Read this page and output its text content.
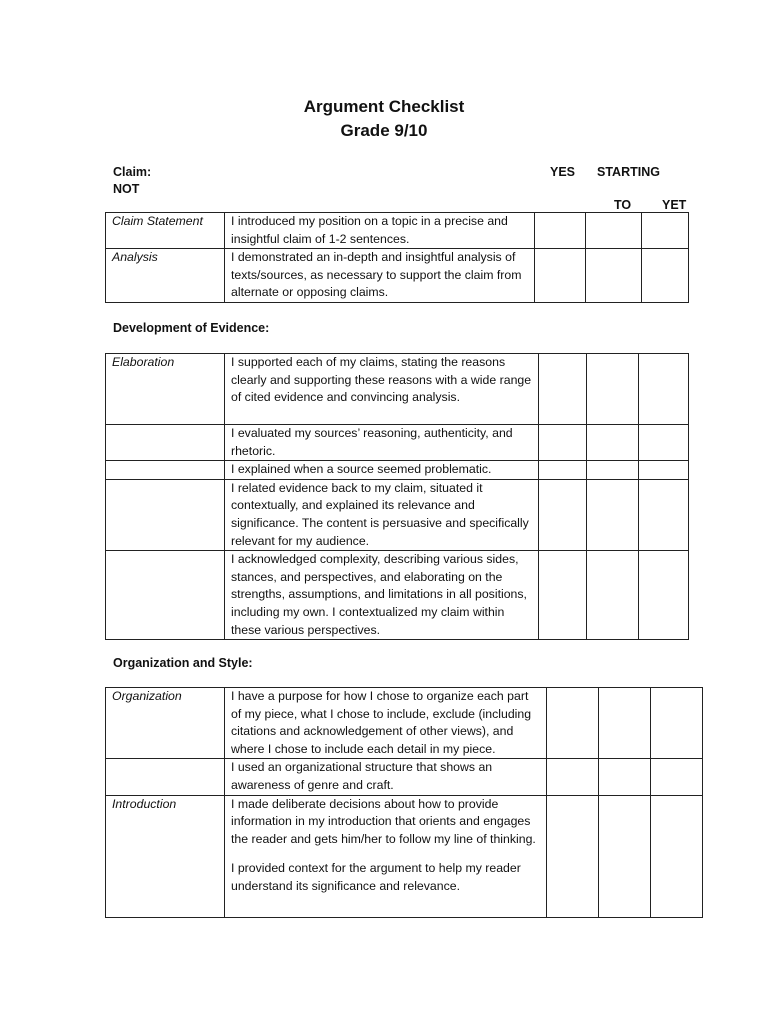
Argument Checklist
Grade 9/10
Claim:
NOT
YES STARTING
TO YET
Claim Statement	I introduced my position on a topic in a precise and insightful claim of 1-2 sentences.			
Analysis	I demonstrated an in-depth and insightful analysis of texts/sources, as necessary to support the claim from alternate or opposing claims.			
Development of Evidence:
Elaboration	I supported each of my claims, stating the reasons clearly and supporting these reasons with a wide range of cited evidence and convincing analysis.			
	I evaluated my sources’ reasoning, authenticity, and rhetoric.			
	I explained when a source seemed problematic.			
	I related evidence back to my claim, situated it contextually, and explained its relevance and significance. The content is persuasive and specifically relevant for my audience.			
	I acknowledged complexity, describing various sides, stances, and perspectives, and elaborating on the strengths, assumptions, and limitations in all positions, including my own. I contextualized my claim within these various perspectives.			
Organization and Style:
Organization	I have a purpose for how I chose to organize each part of my piece, what I chose to include, exclude (including citations and acknowledgement of other views), and where I chose to include each detail in my piece.			
	I used an organizational structure that shows an awareness of genre and craft.			
Introduction	I made deliberate decisions about how to provide information in my introduction that orients and engages the reader and gets him/her to follow my line of thinking.
I provided context for the argument to help my reader understand its significance and relevance.			
